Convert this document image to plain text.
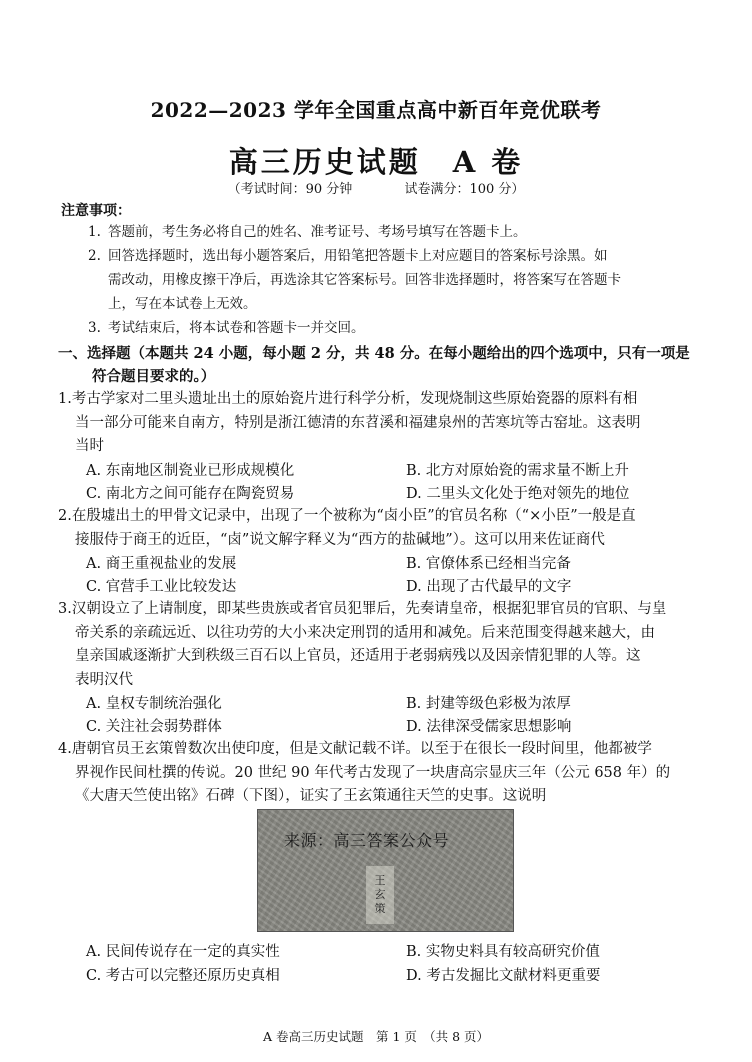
2022—2023 学年全国重点高中新百年竞优联考
高三历史试题　A 卷
（考试时间：90 分钟	试卷满分：100 分）
注意事项：
1. 答题前，考生务必将自己的姓名、准考证号、考场号填写在答题卡上。
2. 回答选择题时，选出每小题答案后，用铅笔把答题卡上对应题目的答案标号涂黑。如
需改动，用橡皮擦干净后，再选涂其它答案标号。回答非选择题时，将答案写在答题卡
上，写在本试卷上无效。
3. 考试结束后，将本试卷和答题卡一并交回。
一、选择题（本题共 24 小题，每小题 2 分，共 48 分。在每小题给出的四个选项中，只有一项是
符合题目要求的。）
1.考古学家对二里头遗址出土的原始瓷片进行科学分析，发现烧制这些原始瓷器的原料有相
当一部分可能来自南方，特别是浙江德清的东苕溪和福建泉州的苦寒坑等古窑址。这表明
当时
A. 东南地区制瓷业已形成规模化	B. 北方对原始瓷的需求量不断上升
C. 南北方之间可能存在陶瓷贸易	D. 二里头文化处于绝对领先的地位
2.在殷墟出土的甲骨文记录中，出现了一个被称为“卤小臣”的官员名称（“×小臣”一般是直
接服侍于商王的近臣，“卤”说文解字释义为“西方的盐碱地”）。这可以用来佐证商代
A. 商王重视盐业的发展	B. 官僚体系已经相当完备
C. 官营手工业比较发达	D. 出现了古代最早的文字
3.汉朝设立了上请制度，即某些贵族或者官员犯罪后，先奏请皇帝，根据犯罪官员的官职、与皇
帝关系的亲疏远近、以往功劳的大小来决定刑罚的适用和减免。后来范围变得越来越大，由
皇亲国戚逐渐扩大到秩级三百石以上官员，还适用于老弱病残以及因亲情犯罪的人等。这
表明汉代
A. 皇权专制统治强化	B. 封建等级色彩极为浓厚
C. 关注社会弱势群体	D. 法律深受儒家思想影响
4.唐朝官员王玄策曾数次出使印度，但是文献记载不详。以至于在很长一段时间里，他都被学
界视作民间杜撰的传说。20 世纪 90 年代考古发现了一块唐高宗显庆三年（公元 658 年）的
《大唐天竺使出铭》石碑（下图），证实了王玄策通往天竺的史事。这说明
来源：高三答案公众号
王
玄
策
A. 民间传说存在一定的真实性	B. 实物史料具有较高研究价值
C. 考古可以完整还原历史真相	D. 考古发掘比文献材料更重要
A 卷高三历史试题　第 1 页　（共 8 页）
